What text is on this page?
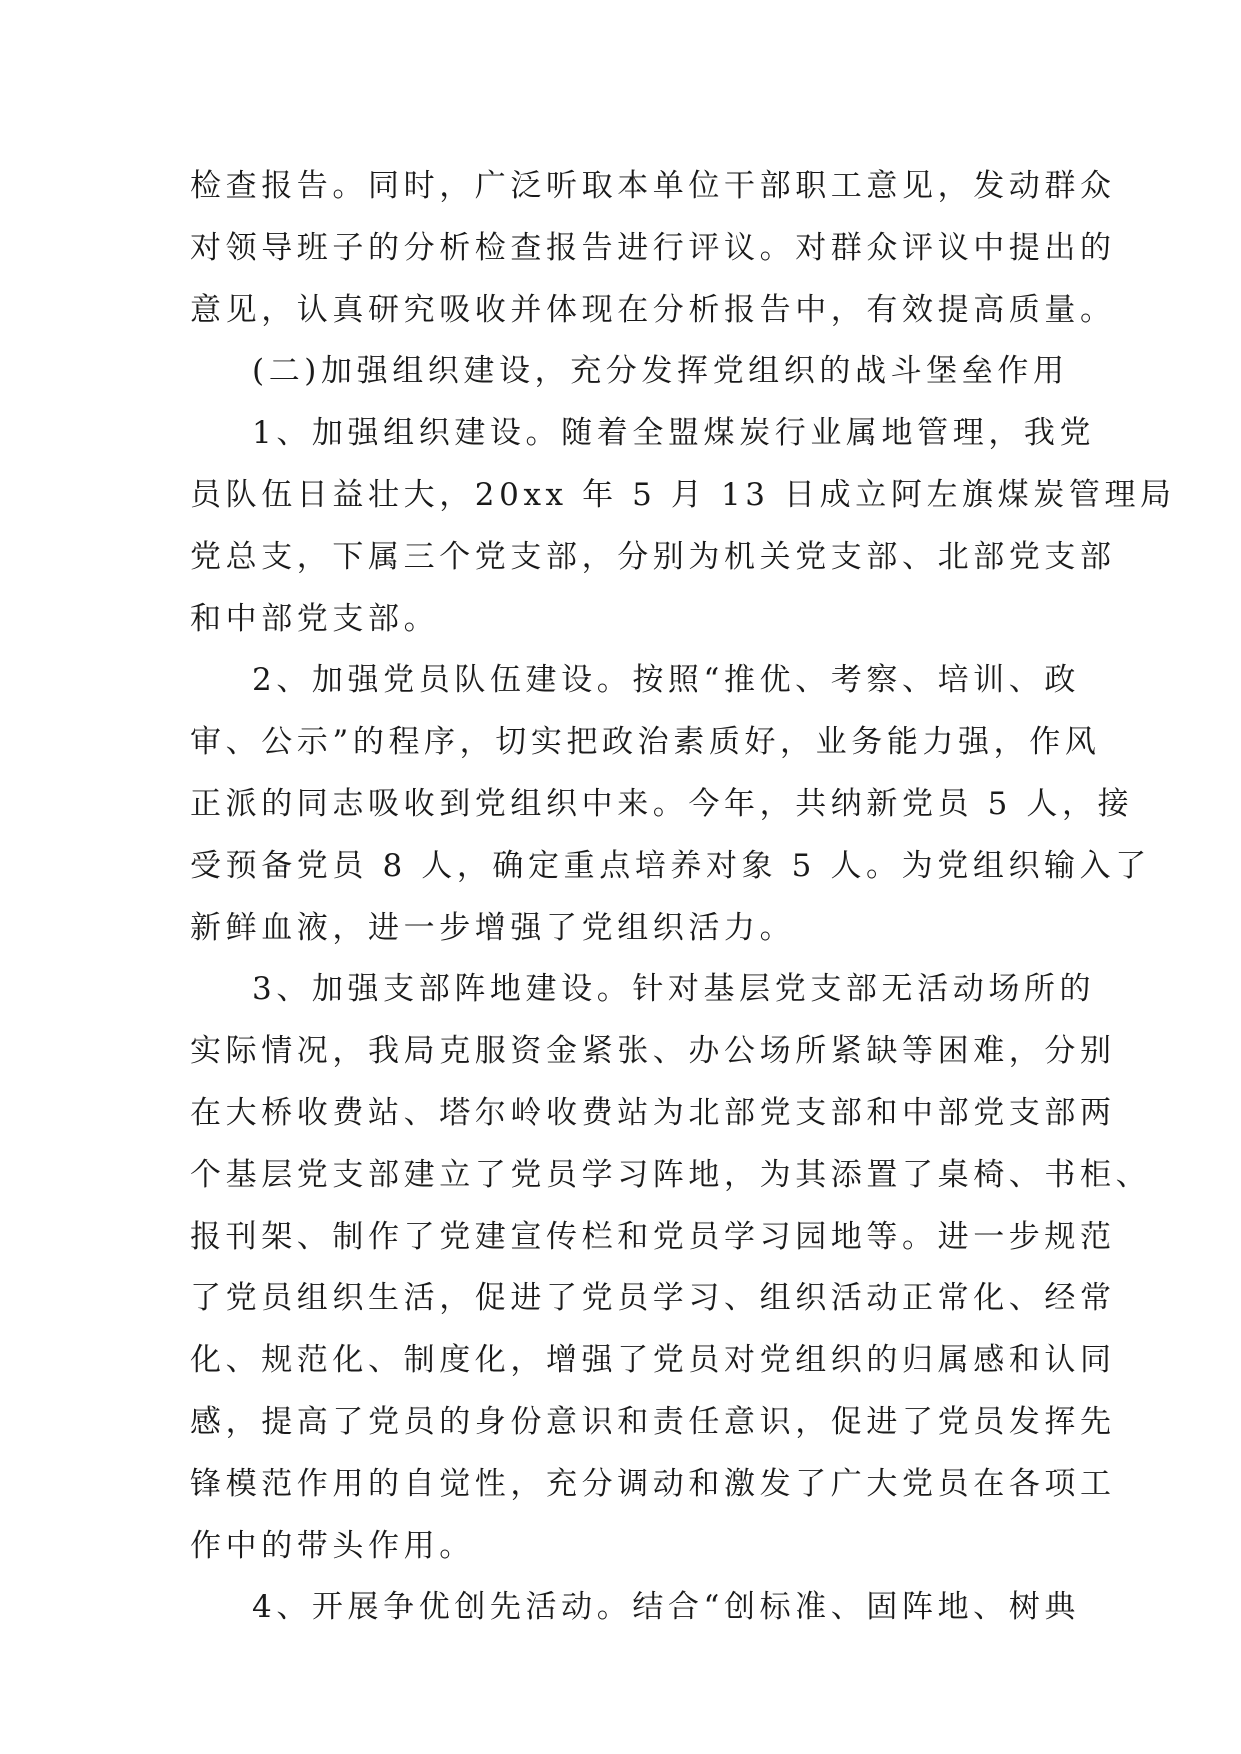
检查报告。同时，广泛听取本单位干部职工意见，发动群众
对领导班子的分析检查报告进行评议。对群众评议中提出的
意见，认真研究吸收并体现在分析报告中，有效提高质量。
(二)加强组织建设，充分发挥党组织的战斗堡垒作用
1、加强组织建设。随着全盟煤炭行业属地管理，我党
员队伍日益壮大，20xx 年 5 月 13 日成立阿左旗煤炭管理局
党总支，下属三个党支部，分别为机关党支部、北部党支部
和中部党支部。
2、加强党员队伍建设。按照“推优、考察、培训、政
审、公示”的程序，切实把政治素质好，业务能力强，作风
正派的同志吸收到党组织中来。今年，共纳新党员 5 人，接
受预备党员 8 人，确定重点培养对象 5 人。为党组织输入了
新鲜血液，进一步增强了党组织活力。
3、加强支部阵地建设。针对基层党支部无活动场所的
实际情况，我局克服资金紧张、办公场所紧缺等困难，分别
在大桥收费站、塔尔岭收费站为北部党支部和中部党支部两
个基层党支部建立了党员学习阵地，为其添置了桌椅、书柜、
报刊架、制作了党建宣传栏和党员学习园地等。进一步规范
了党员组织生活，促进了党员学习、组织活动正常化、经常
化、规范化、制度化，增强了党员对党组织的归属感和认同
感，提高了党员的身份意识和责任意识，促进了党员发挥先
锋模范作用的自觉性，充分调动和激发了广大党员在各项工
作中的带头作用。
4、开展争优创先活动。结合“创标准、固阵地、树典
